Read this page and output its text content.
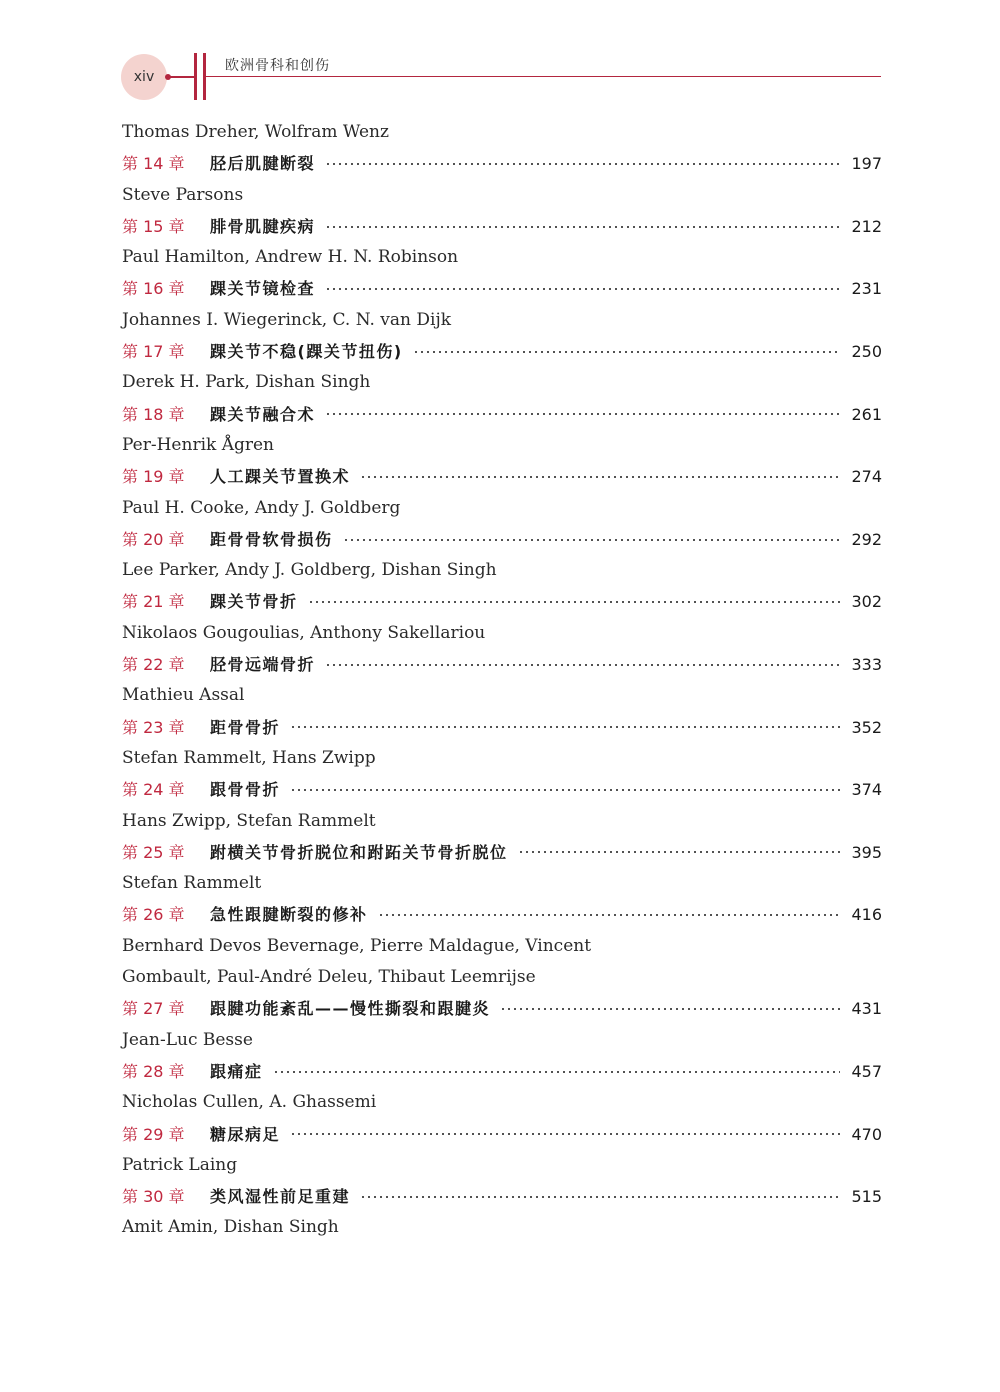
xiv
欧洲骨科和创伤
Thomas Dreher, Wolfram Wenz
第 14 章	胫后肌腱断裂	197
Steve Parsons
第 15 章	腓骨肌腱疾病	212
Paul Hamilton, Andrew H. N. Robinson
第 16 章	踝关节镜检查	231
Johannes I. Wiegerinck, C. N. van Dijk
第 17 章	踝关节不稳(踝关节扭伤)	250
Derek H. Park, Dishan Singh
第 18 章	踝关节融合术	261
Per-Henrik Ågren
第 19 章	人工踝关节置换术	274
Paul H. Cooke, Andy J. Goldberg
第 20 章	距骨骨软骨损伤	292
Lee Parker, Andy J. Goldberg, Dishan Singh
第 21 章	踝关节骨折	302
Nikolaos Gougoulias, Anthony Sakellariou
第 22 章	胫骨远端骨折	333
Mathieu Assal
第 23 章	距骨骨折	352
Stefan Rammelt, Hans Zwipp
第 24 章	跟骨骨折	374
Hans Zwipp, Stefan Rammelt
第 25 章	跗横关节骨折脱位和跗跖关节骨折脱位	395
Stefan Rammelt
第 26 章	急性跟腱断裂的修补	416
Bernhard Devos Bevernage, Pierre Maldague, Vincent
Gombault, Paul-André Deleu, Thibaut Leemrijse
第 27 章	跟腱功能紊乱——慢性撕裂和跟腱炎	431
Jean-Luc Besse
第 28 章	跟痛症	457
Nicholas Cullen, A. Ghassemi
第 29 章	糖尿病足	470
Patrick Laing
第 30 章	类风湿性前足重建	515
Amit Amin, Dishan Singh
